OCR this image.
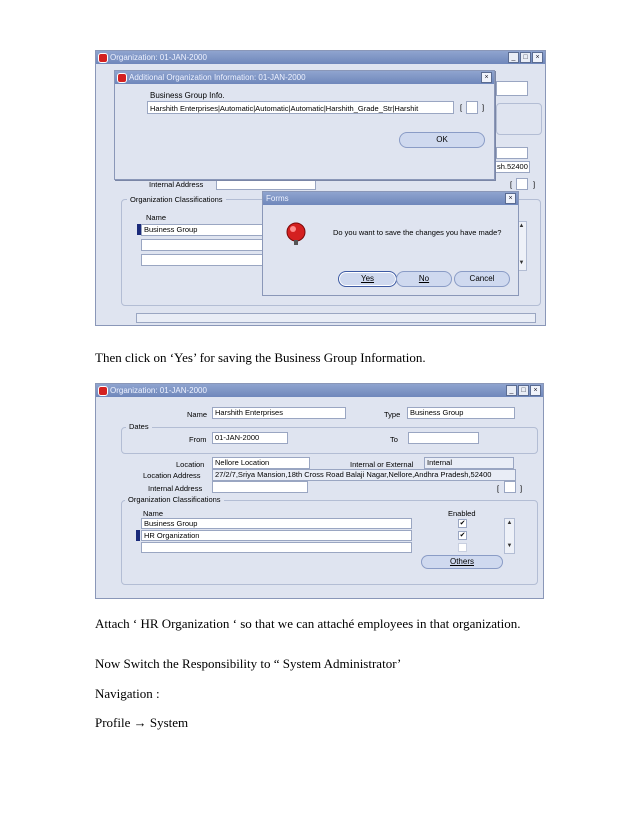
Organization: 01-JAN-2000	_	□	×
sh.52400
Internal Address	[	]
Organization Classifications
Name
Business Group	▲
▼
Additional Organization Information: 01-JAN-2000	×
Business Group Info.
Harshith Enterprises|Automatic|Automatic|Automatic|Harshith_Grade_Str|Harshit	[	]
OK
Forms	×
Do you want to save the changes you have made?
Yes	No	Cancel
Then click on ‘Yes’ for saving the Business Group Information.
Organization: 01-JAN-2000	_	□	×
Name	Harshith Enterprises	Type	Business Group
Dates
From	01-JAN-2000	To
Location	Nellore Location	Internal or External	Internal
Location Address	27/2/7,Sriya Mansion,18th Cross Road Balaji Nagar,Nellore,Andhra Pradesh,52400
Internal Address	[	]
Organization Classifications
Name	Enabled
Business Group	✔
HR Organization	✔
▲
▼
Others
Attach ‘ HR Organization ‘ so that we can attaché employees in that organization.
Now Switch the Responsibility to “ System Administrator’
Navigation :
Profile → System
